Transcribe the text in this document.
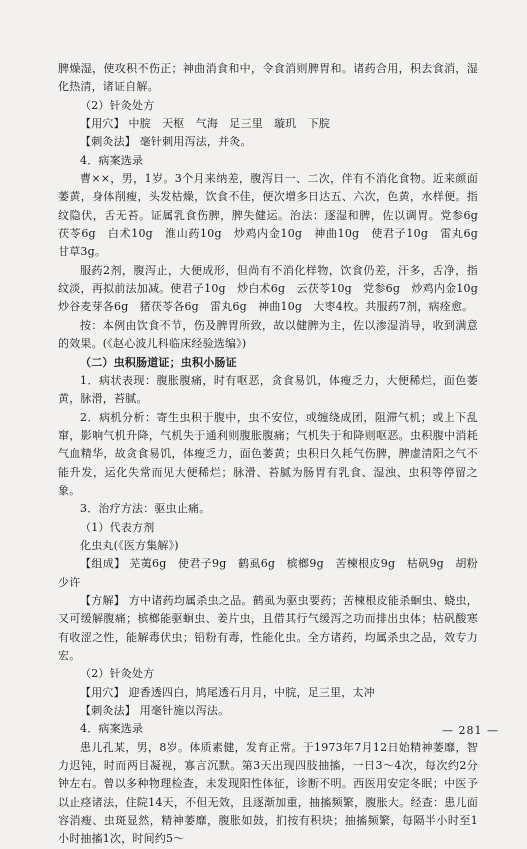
脾燥湿，使攻积不伤正；神曲消食和中，令食消则脾胃和。诸药合用，积去食消，湿化热清，诸证自解。

（2）针灸处方

【用穴】 中脘　天枢　气海　足三里　璇玑　下脘

【刺灸法】 毫针刺用泻法，并灸。

4．病案选录

曹××，男，1岁。3个月来纳差，腹泻日一、二次，伴有不消化食物。近来颜面萎黄，身体削瘦，头发枯燥，饮食不佳，便次增多日达五、六次，色黄，水样便。指纹隐伏，舌无苔。证属乳食伤脾，脾失健运。治法：逐湿和脾，佐以调胃。党参6g　茯苓6g　白术10g　淮山药10g　炒鸡内金10g　神曲10g　使君子10g　雷丸6g　甘草3g。

服药2剂，腹泻止，大便成形，但尚有不消化样物，饮食仍差，汗多，舌净，指纹淡，再拟前法加减。使君子10g　炒白术6g　云茯苓10g　党参6g　炒鸡内金10g　炒谷麦芽各6g　猪茯苓各6g　雷丸6g　神曲10g　大枣4枚。共服药7剂，病痊愈。

按：本例由饮食不节，伤及脾胃所致，故以健脾为主，佐以渗湿消导，收到满意的效果。(《赵心波儿科临床经验选编》)

（二）虫积肠道证；虫积小肠证

1．病状表现：腹胀腹痛，时有呕恶，贪食易饥，体瘦乏力，大便稀烂，面色萎黄，脉滑，苔腻。

2．病机分析：寄生虫积于腹中，虫不安位，或缠绕成团，阻滞气机；或上下乱窜，影响气机升降，气机失于通利则腹胀腹痛；气机失于和降则呕恶。虫积腹中消耗气血精华，故贪食易饥，体瘦乏力，面色萎黄；虫积日久耗气伤脾，脾虚清阳之气不能升发，运化失常而见大便稀烂；脉滑、苔腻为肠胃有乳食、湿浊、虫积等停留之象。

3．治疗方法：驱虫止痛。

（1）代表方剂

化虫丸(《医方集解》)

【组成】 芜荑6g　使君子9g　鹤虱6g　槟榔9g　苦楝根皮9g　枯矾9g　胡粉少许

【方解】 方中诸药均属杀虫之品。鹤虱为驱虫要药；苦楝根皮能杀蛔虫、蛲虫，又可缓解腹痛；槟榔能驱蛔虫、姜片虫，且借其行气缓泻之功而排出虫体；枯矾酸寒有收涩之性，能解毒伏虫；铅粉有毒，性能化虫。全方诸药，均属杀虫之品，效专力宏。

（2）针灸处方

【用穴】 迎香透四白，鸠尾透石月月，中脘，足三里，太冲

【刺灸法】 用毫针施以泻法。

4．病案选录

患儿孔某，男，8岁。体质素健，发育正常。于1973年7月12日始精神萎靡，智力迟钝，时而两目凝视，寡言沉默。第3天出现四肢抽搐，一日3～4次，每次约2分钟左右。曾以多种物理检查，未发现阳性体征，诊断不明。西医用安定冬眠；中医予以止痉诸法，住院14天，不但无效，且逐渐加重，抽搐频繁，腹胀大。经查：患儿面容消瘦、虫斑显然，精神萎靡，腹胀如鼓，扪按有积块；抽搐频繁，每隔半小时至1小时抽搐1次，时间约5～

— 281 —
